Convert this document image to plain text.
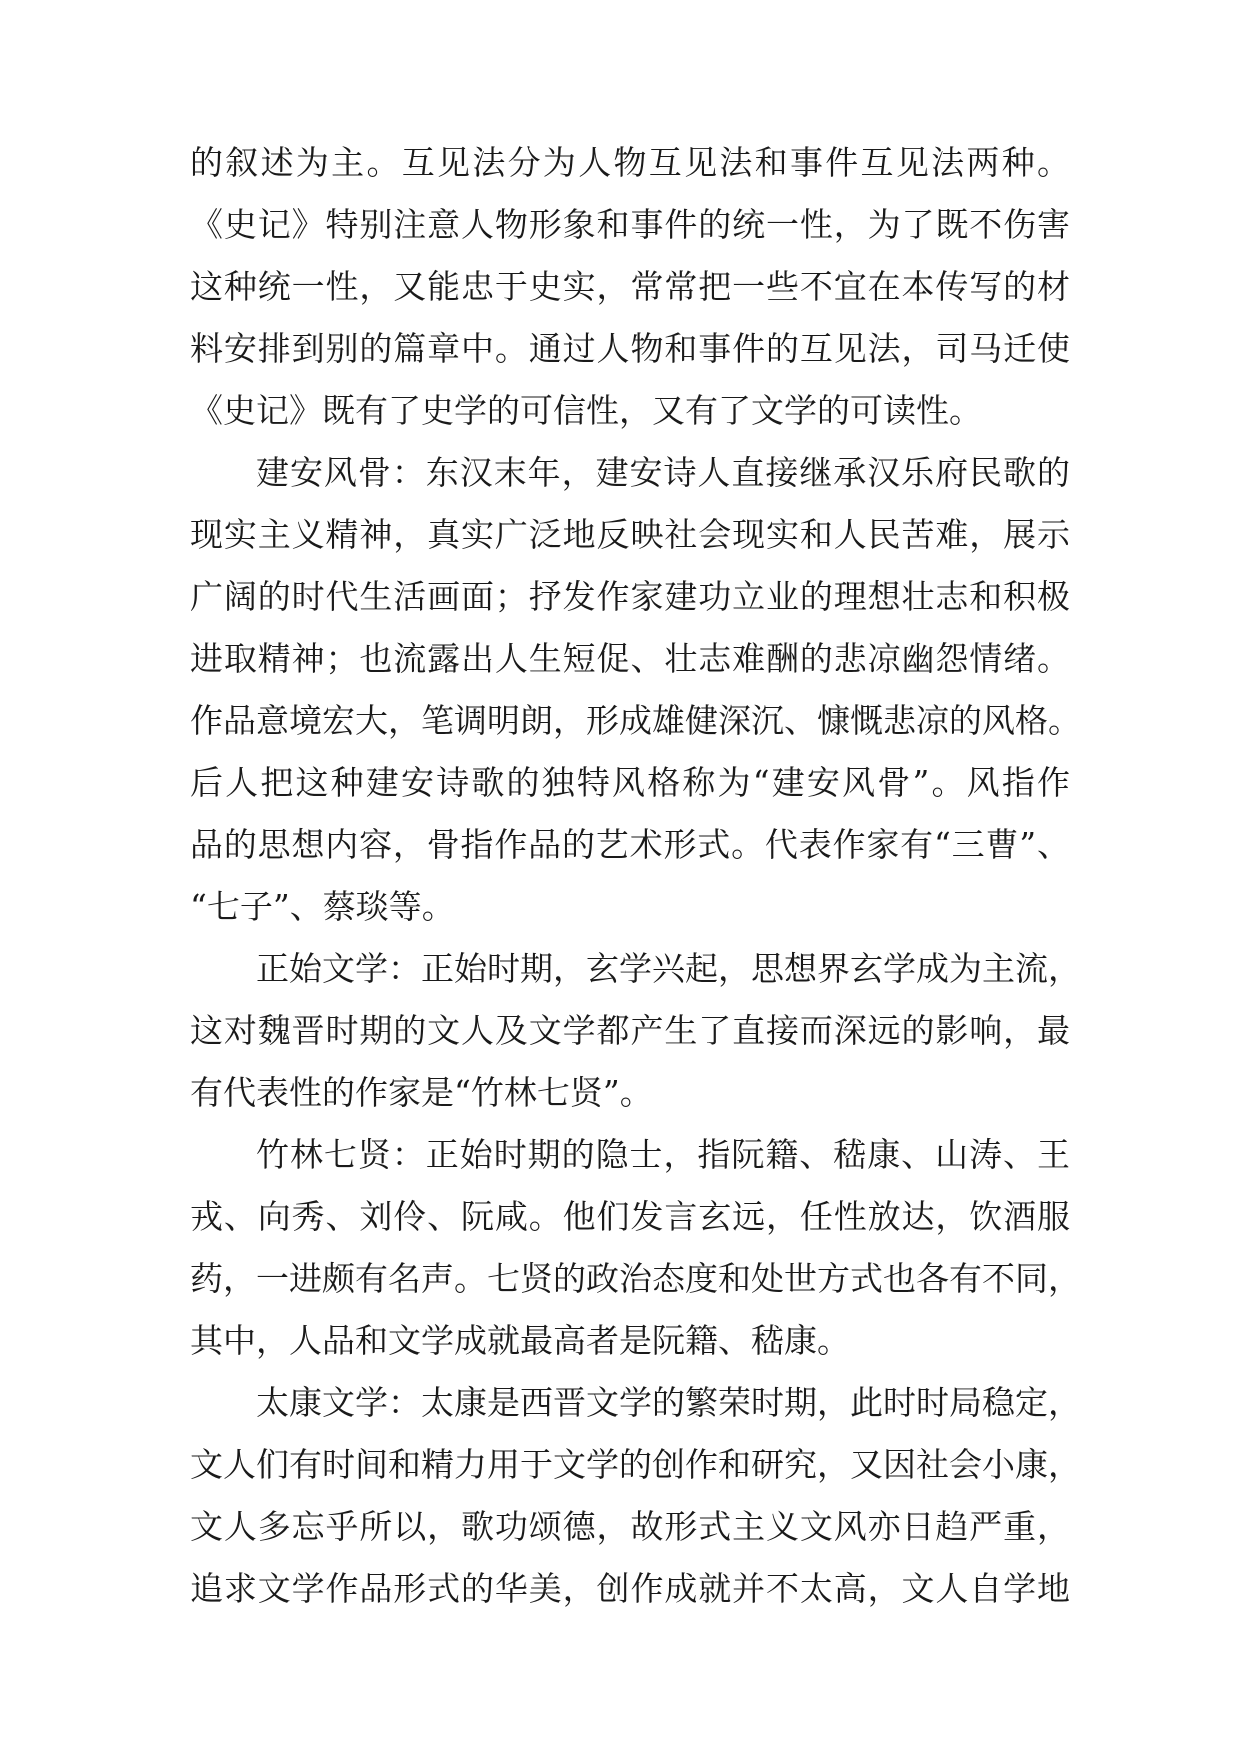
的叙述为主。互见法分为人物互见法和事件互见法两种。
《史记》特别注意人物形象和事件的统一性，为了既不伤害
这种统一性，又能忠于史实，常常把一些不宜在本传写的材
料安排到别的篇章中。通过人物和事件的互见法，司马迁使
《史记》既有了史学的可信性，又有了文学的可读性。
建安风骨：东汉末年，建安诗人直接继承汉乐府民歌的
现实主义精神，真实广泛地反映社会现实和人民苦难，展示
广阔的时代生活画面；抒发作家建功立业的理想壮志和积极
进取精神；也流露出人生短促、壮志难酬的悲凉幽怨情绪。
作品意境宏大，笔调明朗，形成雄健深沉、慷慨悲凉的风格。
后人把这种建安诗歌的独特风格称为“建安风骨”。风指作
品的思想内容，骨指作品的艺术形式。代表作家有“三曹”、
“七子”、蔡琰等。
正始文学：正始时期，玄学兴起，思想界玄学成为主流，
这对魏晋时期的文人及文学都产生了直接而深远的影响，最
有代表性的作家是“竹林七贤”。
竹林七贤：正始时期的隐士，指阮籍、嵇康、山涛、王
戎、向秀、刘伶、阮咸。他们发言玄远，任性放达，饮酒服
药，一进颇有名声。七贤的政治态度和处世方式也各有不同，
其中，人品和文学成就最高者是阮籍、嵇康。
太康文学：太康是西晋文学的繁荣时期，此时时局稳定，
文人们有时间和精力用于文学的创作和研究，又因社会小康，
文人多忘乎所以，歌功颂德，故形式主义文风亦日趋严重，
追求文学作品形式的华美，创作成就并不太高，文人自学地
